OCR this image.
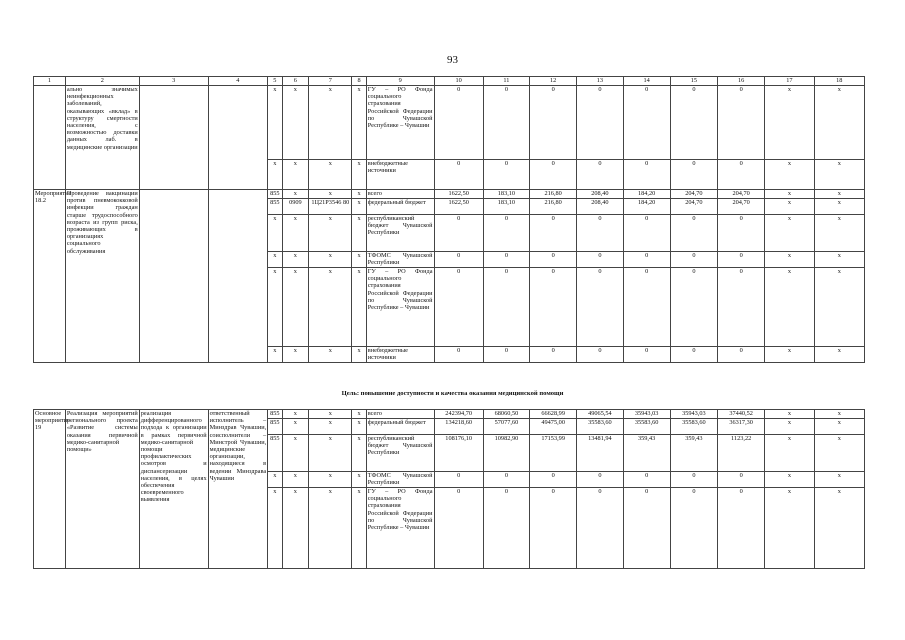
93
1	2	3	4	5	6	7	8	9	10	11	12	13	14	15	16	17	18
	ально значимых неинфекционных заболеваний, оказывающих «вклад» в структуру смертности населения, с возможностью доставки данных лаб. в медицинские организации			x	x	x	x	ГУ – РО Фонда социального страхования Российской Федерации по Чувашской Республике – Чувашии	0	0	0	0	0	0	0	x	x
				x	x	x	x	внебюджетные источники	0	0	0	0	0	0	0	x	x
Мероприятие 18.2	Проведение вакцинации против пневмококковой инфекции граждан старше трудоспособного возраста из групп риска, проживающих в организациях социального обслуживания			855	x	x	x	всего	1622,50	183,10	216,80	208,40	184,20	204,70	204,70	x	x
				855	0909	1Ц21Р3546 80	x	федеральный бюджет	1622,50	183,10	216,80	208,40	184,20	204,70	204,70	x	x
				x	x	x	x	республиканский бюджет Чувашской Республики	0	0	0	0	0	0	0	x	x
				x	x	x	x	ТФОМС Чувашской Республики	0	0	0	0	0	0	0	x	x
				x	x	x	x	ГУ – РО Фонда социального страхования Российской Федерации по Чувашской Республике – Чувашии	0	0	0	0	0	0	0	x	x
				x	x	x	x	внебюджетные источники	0	0	0	0	0	0	0	x	x
Цель: повышение доступности и качества оказания медицинской помощи
Основное мероприятие 19	Реализация мероприятий регионального проекта «Развитие системы оказания первичной медико-санитарной помощи»	реализация дифференцированного подхода к организации в рамках первичной медико-санитарной помощи профилактических осмотров и диспансеризации населения, в целях обеспечения своевременного выявления	ответственный исполнитель – Минздрав Чувашии, соисполнители – Минстрой Чувашии, медицинские организации, находящиеся в ведении Минздрава Чувашии	855	x	x	x	всего	242394,70	68060,50	66628,99	49065,54	35943,03	35943,03	37440,52	x	x
				855	x	x	x	федеральный бюджет	134218,60	57077,60	49475,00	35583,60	35583,60	35583,60	36317,30	x	x
				855	x	x	x	республиканский бюджет Чувашской Республики	108176,10	10982,90	17153,99	13481,94	359,43	359,43	1123,22	x	x
				x	x	x	x	ТФОМС Чувашской Республики	0	0	0	0	0	0	0	x	x
				x	x	x	x	ГУ – РО Фонда социального страхования Российской Федерации по Чувашской Республике – Чувашии	0	0	0	0	0	0	0	x	x
